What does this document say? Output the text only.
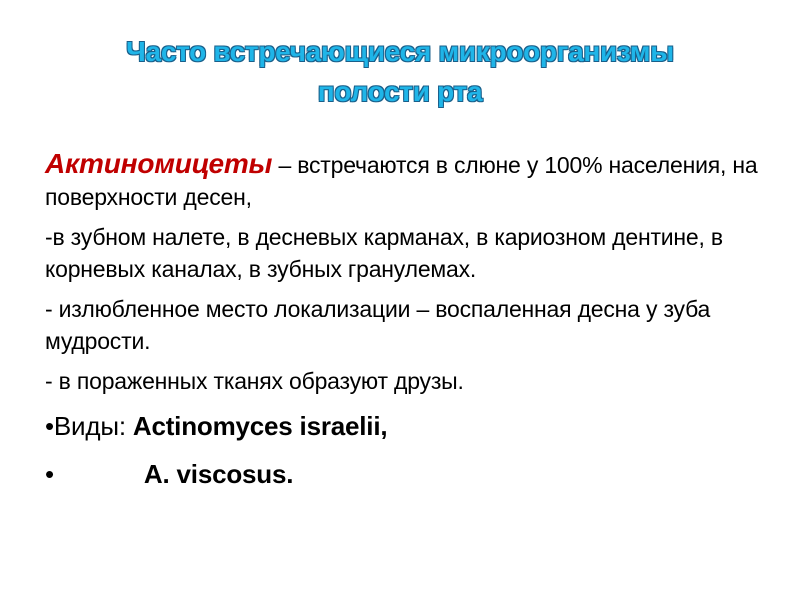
Часто встречающиеся микроорганизмы
полости рта

Актиномицеты – встречаются в слюне у 100% населения, на поверхности десен,

-в зубном налете, в десневых карманах, в кариозном дентине, в корневых каналах, в зубных гранулемах.

- излюбленное место локализации – воспаленная десна у зуба мудрости.

- в пораженных тканях образуют друзы.

•Виды: Actinomyces israelii,
•	A. viscosus.
